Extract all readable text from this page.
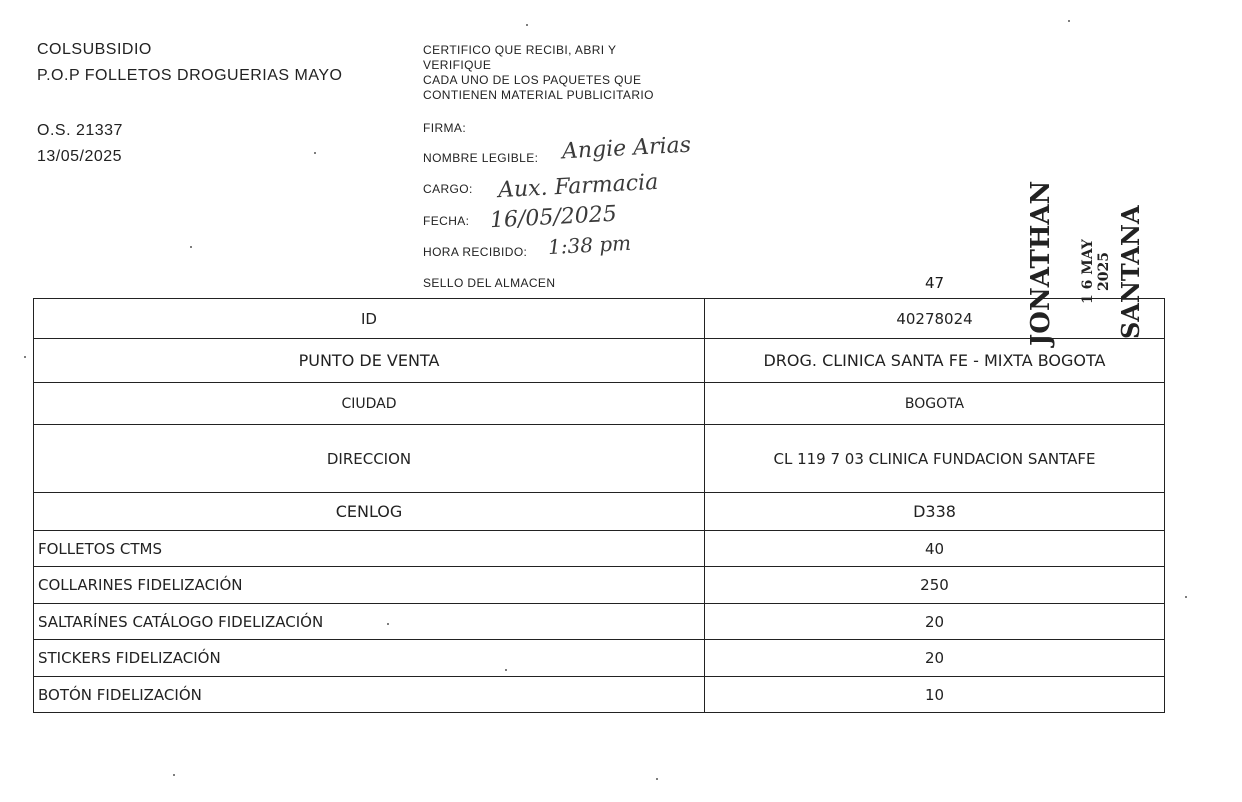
COLSUBSIDIO
P.O.P FOLLETOS DROGUERIAS MAYO
O.S. 21337
13/05/2025
CERTIFICO QUE RECIBI, ABRI Y
VERIFIQUE
CADA UNO DE LOS PAQUETES QUE
CONTIENEN MATERIAL PUBLICITARIO
FIRMA:
NOMBRE LEGIBLE: Angie Arias
CARGO: Aux. Farmacia
FECHA: 16/05/2025
HORA RECIBIDO: 1:38 pm
SELLO DEL ALMACEN	47	JONATHAN 1 6 MAY 2025 SANTANA
ID	40278024
PUNTO DE VENTA	DROG. CLINICA SANTA FE - MIXTA BOGOTA
CIUDAD	BOGOTA
DIRECCION	CL 119 7 03 CLINICA FUNDACION SANTAFE
CENLOG	D338
FOLLETOS CTMS	40
COLLARINES FIDELIZACIÓN	250
SALTARÍNES CATÁLOGO FIDELIZACIÓN	20
STICKERS FIDELIZACIÓN	20
BOTÓN FIDELIZACIÓN	10
